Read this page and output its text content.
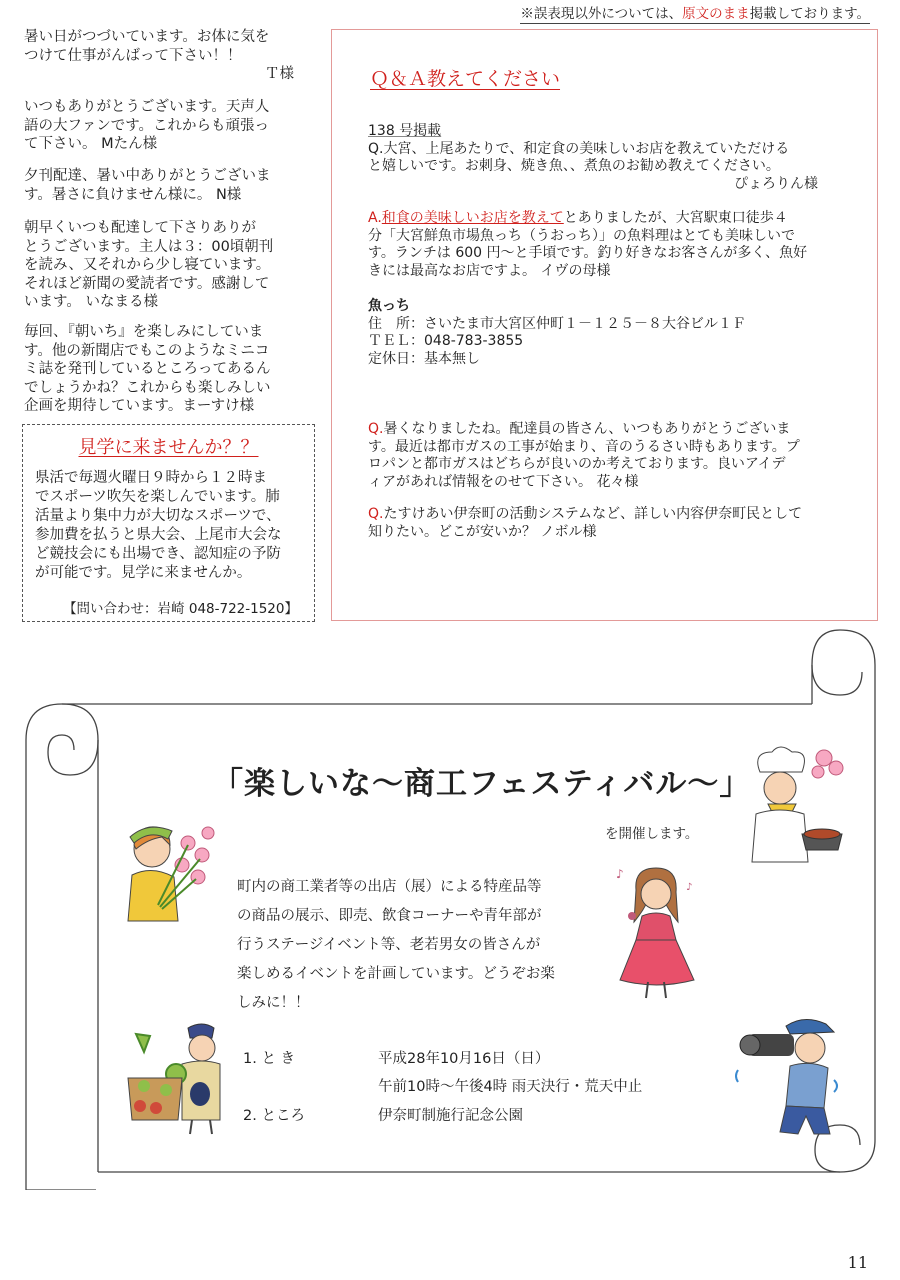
※誤表現以外については、原文のまま掲載しております。
暑い日がつづいています。お体に気を
つけて仕事がんばって下さい！！
Ｔ様
いつもありがとうございます。天声人
語の大ファンです。これからも頑張っ
て下さい。 Mたん様
夕刊配達、暑い中ありがとうございま
す。暑さに負けません様に。 N様
朝早くいつも配達して下さりありが
とうございます。主人は３：00頃朝刊
を読み、又それから少し寝ています。
それほど新聞の愛読者です。感謝して
います。 いなまる様
毎回、『朝いち』を楽しみにしていま
す。他の新聞店でもこのようなミニコ
ミ誌を発刊しているところってあるん
でしょうかね？これからも楽しみしい
企画を期待しています。まーすけ様
見学に来ませんか？？
県活で毎週火曜日９時から１２時ま
でスポーツ吹矢を楽しんでいます。肺
活量より集中力が大切なスポーツで、
参加費を払うと県大会、上尾市大会な
ど競技会にも出場でき、認知症の予防
が可能です。見学に来ませんか。
【問い合わせ：岩崎 048-722-1520】
Ｑ＆Ａ教えてください
138 号掲載
Q.大宮、上尾あたりで、和定食の美味しいお店を教えていただける
と嬉しいです。お刺身、焼き魚、、煮魚のお勧め教えてください。
ぴょろりん様
A.和食の美味しいお店を教えてとありましたが、大宮駅東口徒歩４
分「大宮鮮魚市場魚っち（うおっち）」の魚料理はとても美味しいで
す。ランチは 600 円～と手頃です。釣り好きなお客さんが多く、魚好
きには最高なお店ですよ。 イヴの母様
魚っち
住　所：さいたま市大宮区仲町１－１２５－８大谷ビル１Ｆ
ＴＥＬ：048-783-3855
定休日：基本無し
Q.暑くなりましたね。配達員の皆さん、いつもありがとうございま
す。最近は都市ガスの工事が始まり、音のうるさい時もあります。プ
ロパンと都市ガスはどちらが良いのか考えております。良いアイデ
ィアがあれば情報をのせて下さい。 花々様
Q.たすけあい伊奈町の活動システムなど、詳しい内容伊奈町民として
知りたい。どこが安いか？ ノボル様
「楽しいな～商工フェスティバル～」
を開催します。
町内の商工業者等の出店（展）による特産品等
の商品の展示、即売、飲食コーナーや青年部が
行うステージイベント等、老若男女の皆さんが
楽しめるイベントを計画しています。どうぞお楽
しみに！！
1. と き	平成28年10月16日（日）
午前10時～午後4時 雨天決行・荒天中止
2. ところ	伊奈町制施行記念公園
♪
♪
11
